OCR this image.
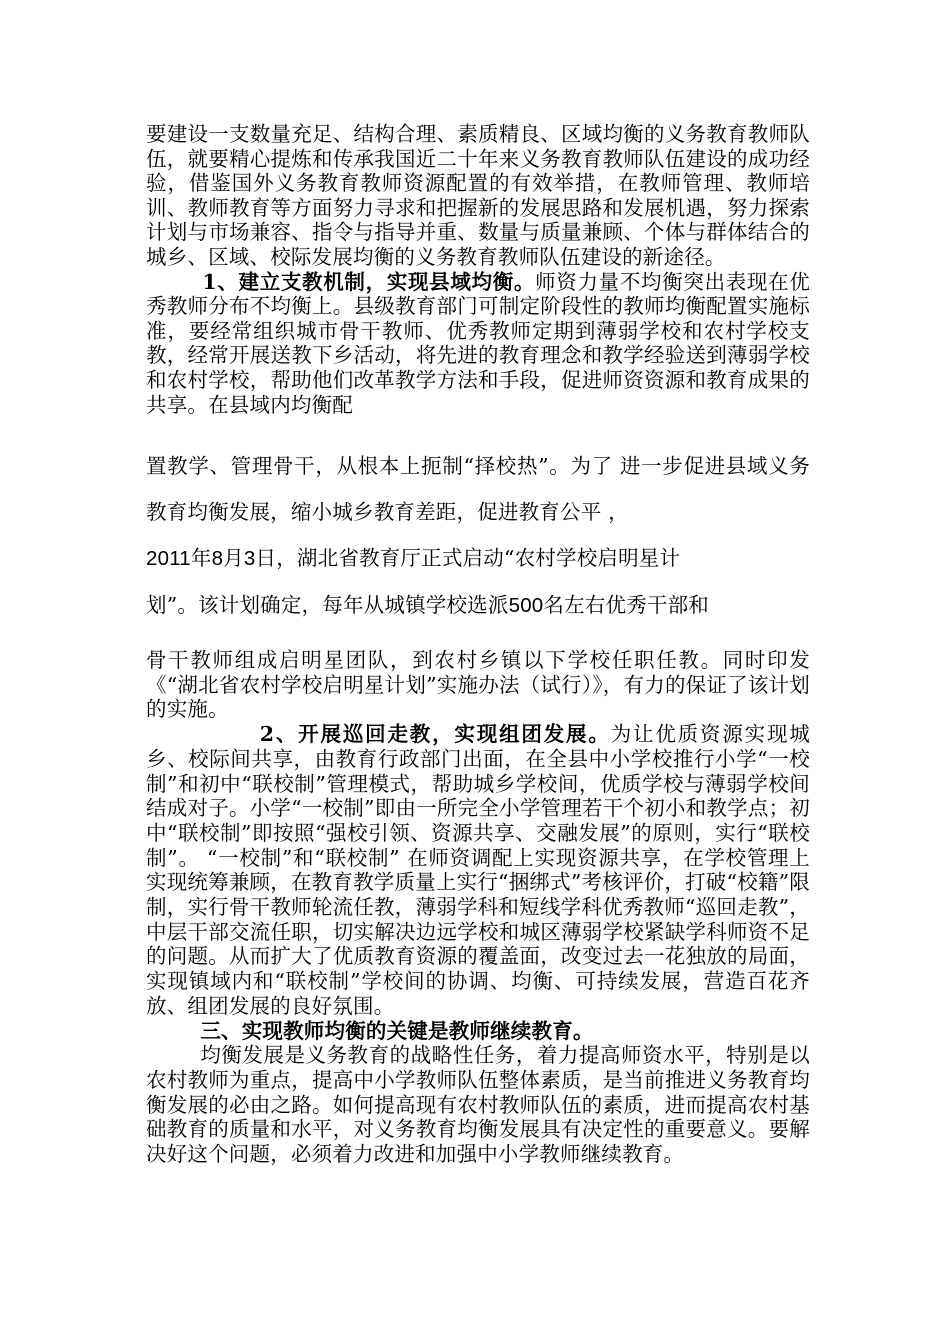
要建设一支数量充足、结构合理、素质精良、区域均衡的义务教育教师队伍，就要精心提炼和传承我国近二十年来义务教育教师队伍建设的成功经验，借鉴国外义务教育教师资源配置的有效举措，在教师管理、教师培训、教师教育等方面努力寻求和把握新的发展思路和发展机遇，努力探索计划与市场兼容、指令与指导并重、数量与质量兼顾、个体与群体结合的城乡、区域、校际发展均衡的义务教育教师队伍建设的新途径。

1、建立支教机制，实现县域均衡。师资力量不均衡突出表现在优秀教师分布不均衡上。县级教育部门可制定阶段性的教师均衡配置实施标准，要经常组织城市骨干教师、优秀教师定期到薄弱学校和农村学校支教，经常开展送教下乡活动，将先进的教育理念和教学经验送到薄弱学校和农村学校，帮助他们改革教学方法和手段，促进师资资源和教育成果的共享。在县域内均衡配

置教学、管理骨干，从根本上扼制“择校热”。为了 进一步促进县域义务教育均衡发展，缩小城乡教育差距，促进教育公平 ，

2011年8月3日，湖北省教育厅正式启动“农村学校启明星计

划”。该计划确定，每年从城镇学校选派500名左右优秀干部和

骨干教师组成启明星团队，到农村乡镇以下学校任职任教。同时印发《“湖北省农村学校启明星计划”实施办法（试行）》，有力的保证了该计划的实施。

2、开展巡回走教，实现组团发展。为让优质资源实现城乡、校际间共享，由教育行政部门出面，在全县中小学校推行小学“一校制”和初中“联校制”管理模式，帮助城乡学校间，优质学校与薄弱学校间结成对子。小学“一校制”即由一所完全小学管理若干个初小和教学点；初中“联校制”即按照“强校引领、资源共享、交融发展”的原则，实行“联校制”。 “一校制”和“联校制” 在师资调配上实现资源共享，在学校管理上实现统筹兼顾，在教育教学质量上实行“捆绑式”考核评价，打破“校籍”限制，实行骨干教师轮流任教，薄弱学科和短线学科优秀教师“巡回走教”，中层干部交流任职，切实解决边远学校和城区薄弱学校紧缺学科师资不足的问题。从而扩大了优质教育资源的覆盖面，改变过去一花独放的局面，实现镇域内和“联校制”学校间的协调、均衡、可持续发展，营造百花齐放、组团发展的良好氛围。

三、实现教师均衡的关键是教师继续教育。

均衡发展是义务教育的战略性任务，着力提高师资水平，特别是以农村教师为重点，提高中小学教师队伍整体素质，是当前推进义务教育均衡发展的必由之路。如何提高现有农村教师队伍的素质，进而提高农村基础教育的质量和水平，对义务教育均衡发展具有决定性的重要意义。要解决好这个问题，必须着力改进和加强中小学教师继续教育。
